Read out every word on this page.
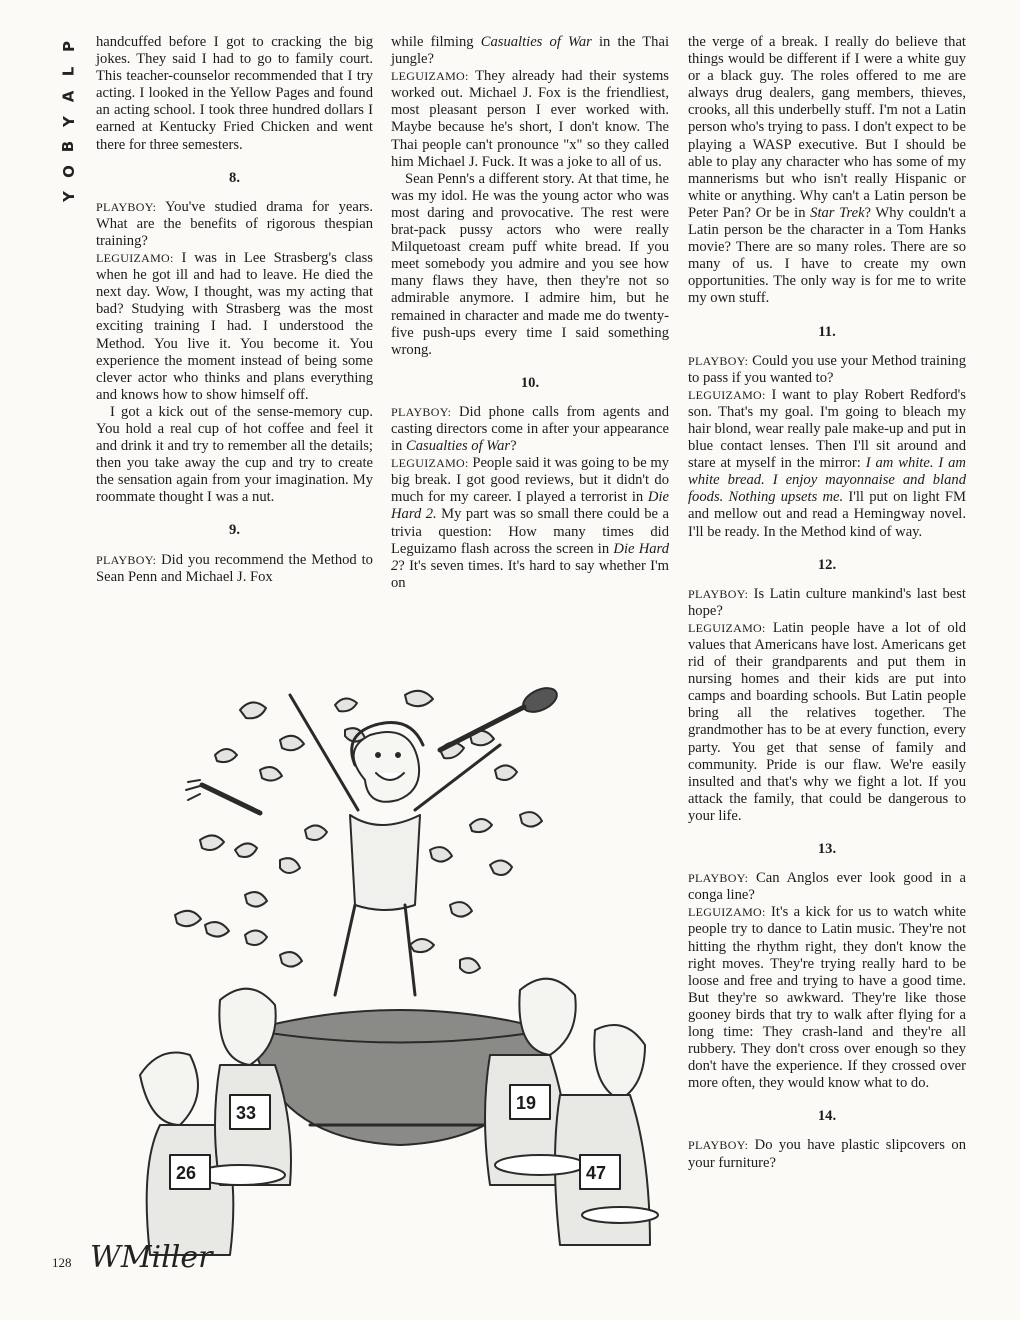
P
L
A
Y
B
O
Y

handcuffed before I got to cracking the big jokes. They said I had to go to family court. This teacher-counselor recommended that I try acting. I looked in the Yellow Pages and found an acting school. I took three hundred dollars I earned at Kentucky Fried Chicken and went there for three semesters.

8.

PLAYBOY: You've studied drama for years. What are the benefits of rigorous thespian training?

LEGUIZAMO: I was in Lee Strasberg's class when he got ill and had to leave. He died the next day. Wow, I thought, was my acting that bad? Studying with Strasberg was the most exciting training I had. I understood the Method. You live it. You become it. You experience the moment instead of being some clever actor who thinks and plans everything and knows how to show himself off.

I got a kick out of the sense-memory cup. You hold a real cup of hot coffee and feel it and drink it and try to remember all the details; then you take away the cup and try to create the sensation again from your imagination. My roommate thought I was a nut.

9.

PLAYBOY: Did you recommend the Method to Sean Penn and Michael J. Fox

while filming Casualties of War in the Thai jungle?

LEGUIZAMO: They already had their systems worked out. Michael J. Fox is the friendliest, most pleasant person I ever worked with. Maybe because he's short, I don't know. The Thai people can't pronounce "x" so they called him Michael J. Fuck. It was a joke to all of us.

Sean Penn's a different story. At that time, he was my idol. He was the young actor who was most daring and provocative. The rest were brat-pack pussy actors who were really Milquetoast cream puff white bread. If you meet somebody you admire and you see how many flaws they have, then they're not so admirable anymore. I admire him, but he remained in character and made me do twenty-five push-ups every time I said something wrong.

10.

PLAYBOY: Did phone calls from agents and casting directors come in after your appearance in Casualties of War?

LEGUIZAMO: People said it was going to be my big break. I got good reviews, but it didn't do much for my career. I played a terrorist in Die Hard 2. My part was so small there could be a trivia question: How many times did Leguizamo flash across the screen in Die Hard 2? It's seven times. It's hard to say whether I'm on

the verge of a break. I really do believe that things would be different if I were a white guy or a black guy. The roles offered to me are always drug dealers, gang members, thieves, crooks, all this underbelly stuff. I'm not a Latin person who's trying to pass. I don't expect to be playing a WASP executive. But I should be able to play any character who has some of my mannerisms but who isn't really Hispanic or white or anything. Why can't a Latin person be Peter Pan? Or be in Star Trek? Why couldn't a Latin person be the character in a Tom Hanks movie? There are so many roles. There are so many of us. I have to create my own opportunities. The only way is for me to write my own stuff.

11.

PLAYBOY: Could you use your Method training to pass if you wanted to?

LEGUIZAMO: I want to play Robert Redford's son. That's my goal. I'm going to bleach my hair blond, wear really pale make-up and put in blue contact lenses. Then I'll sit around and stare at myself in the mirror: I am white. I am white bread. I enjoy mayonnaise and bland foods. Nothing upsets me. I'll put on light FM and mellow out and read a Hemingway novel. I'll be ready. In the Method kind of way.

12.

PLAYBOY: Is Latin culture mankind's last best hope?

LEGUIZAMO: Latin people have a lot of old values that Americans have lost. Americans get rid of their grandparents and put them in nursing homes and their kids are put into camps and boarding schools. But Latin people bring all the relatives together. The grandmother has to be at every function, every party. You get that sense of family and community. Pride is our flaw. We're easily insulted and that's why we fight a lot. If you attack the family, that could be dangerous to your life.

13.

PLAYBOY: Can Anglos ever look good in a conga line?

LEGUIZAMO: It's a kick for us to watch white people try to dance to Latin music. They're not hitting the rhythm right, they don't know the right moves. They're trying really hard to be loose and free and trying to have a good time. But they're so awkward. They're like those gooney birds that try to walk after flying for a long time: They crash-land and they're all rubbery. They don't cross over enough so they don't have the experience. If they crossed over more often, they would know what to do.

14.

PLAYBOY: Do you have plastic slipcovers on your furniture?

26
33	19
47
WMiller
128
